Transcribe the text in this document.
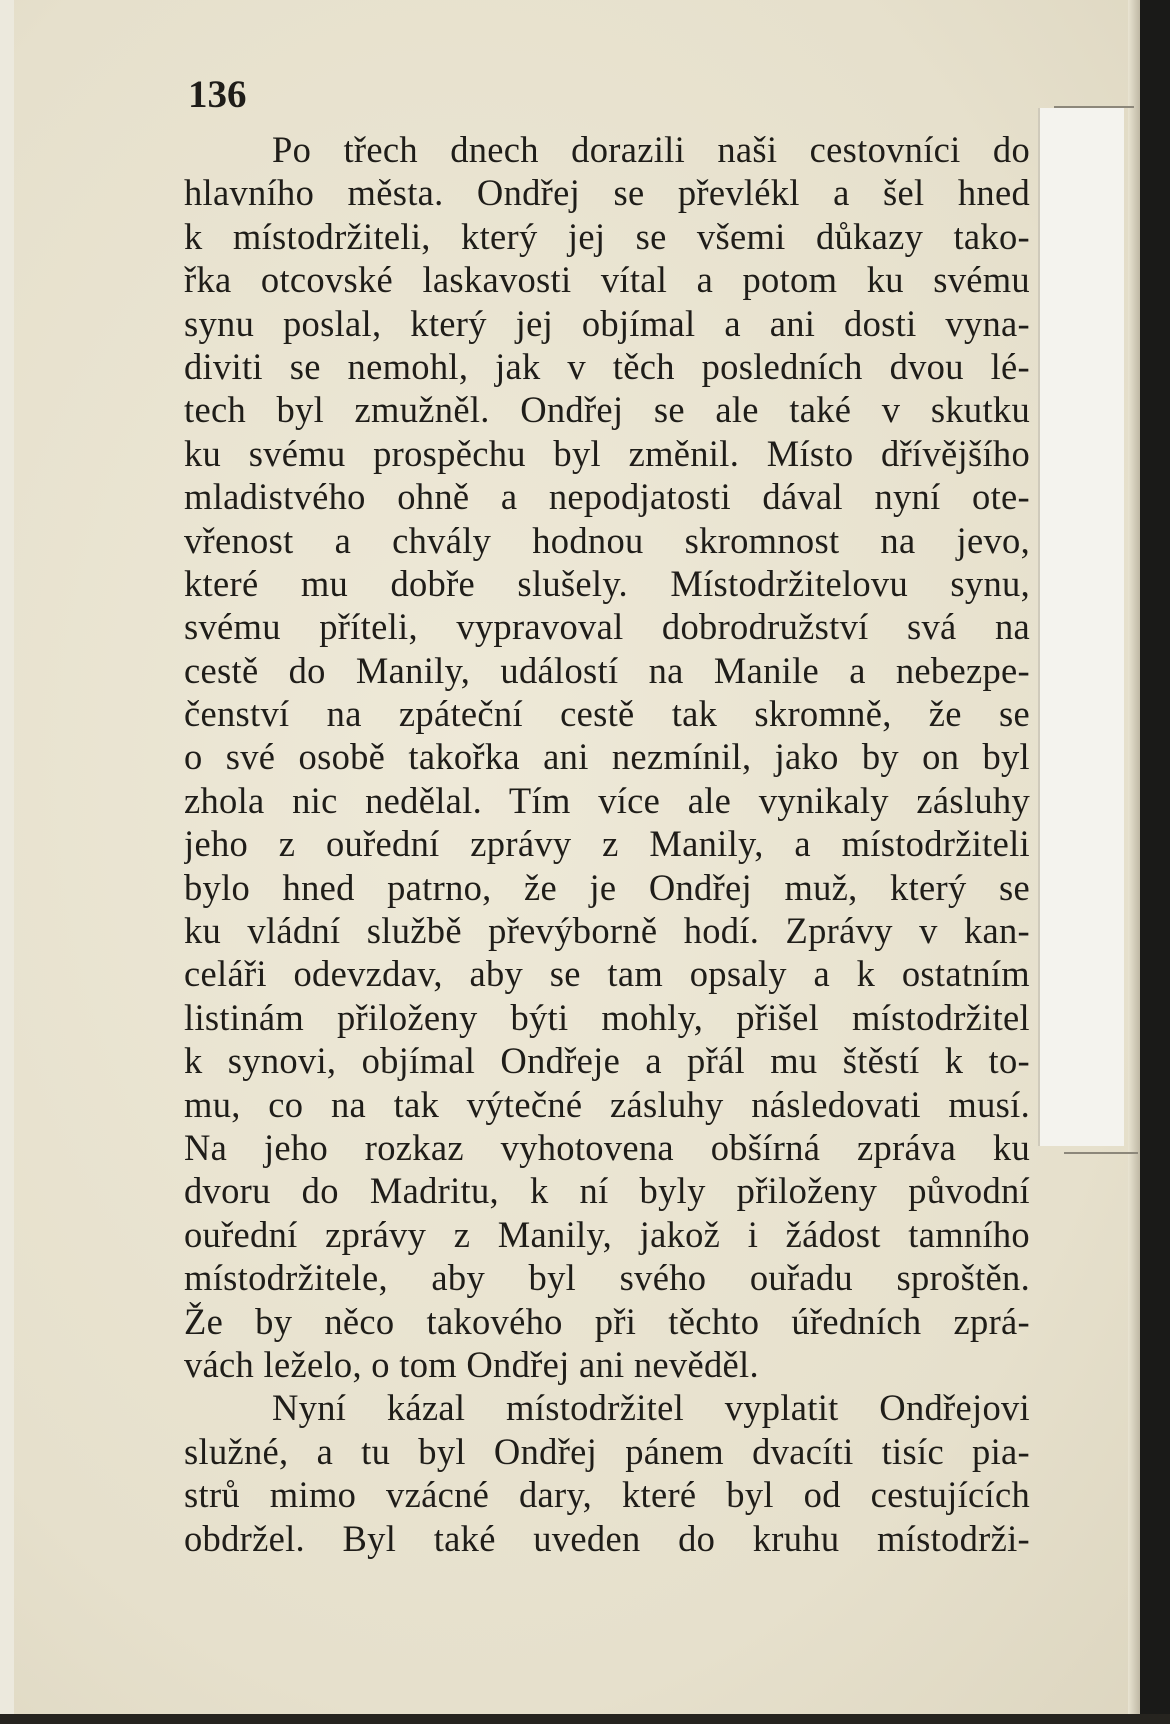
136
Po třech dnech dorazili naši cestovníci do
hlavního města. Ondřej se převlékl a šel hned
k místodržiteli, který jej se všemi důkazy tako-
řka otcovské laskavosti vítal a potom ku svému
synu poslal, který jej objímal a ani dosti vyna-
diviti se nemohl, jak v těch posledních dvou lé-
tech byl zmužněl. Ondřej se ale také v skutku
ku svému prospěchu byl změnil. Místo dřívějšího
mladistvého ohně a nepodjatosti dával nyní ote-
vřenost a chvály hodnou skromnost na jevo,
které mu dobře slušely. Místodržitelovu synu,
svému příteli, vypravoval dobrodružství svá na
cestě do Manily, událostí na Manile a nebezpe-
čenství na zpáteční cestě tak skromně, že se
o své osobě takořka ani nezmínil, jako by on byl
zhola nic nedělal. Tím více ale vynikaly zásluhy
jeho z ouřední zprávy z Manily, a místodržiteli
bylo hned patrno, že je Ondřej muž, který se
ku vládní službě převýborně hodí. Zprávy v kan-
celáři odevzdav, aby se tam opsaly a k ostatním
listinám přiloženy býti mohly, přišel místodržitel
k synovi, objímal Ondřeje a přál mu štěstí k to-
mu, co na tak výtečné zásluhy následovati musí.
Na jeho rozkaz vyhotovena obšírná zpráva ku
dvoru do Madritu, k ní byly přiloženy původní
ouřední zprávy z Manily, jakož i žádost tamního
místodržitele, aby byl svého ouřadu sproštěn.
Že by něco takového při těchto úředních zprá-
vách leželo, o tom Ondřej ani nevěděl.
Nyní kázal místodržitel vyplatit Ondřejovi
služné, a tu byl Ondřej pánem dvacíti tisíc pia-
strů mimo vzácné dary, které byl od cestujících
obdržel. Byl také uveden do kruhu místodrži-
